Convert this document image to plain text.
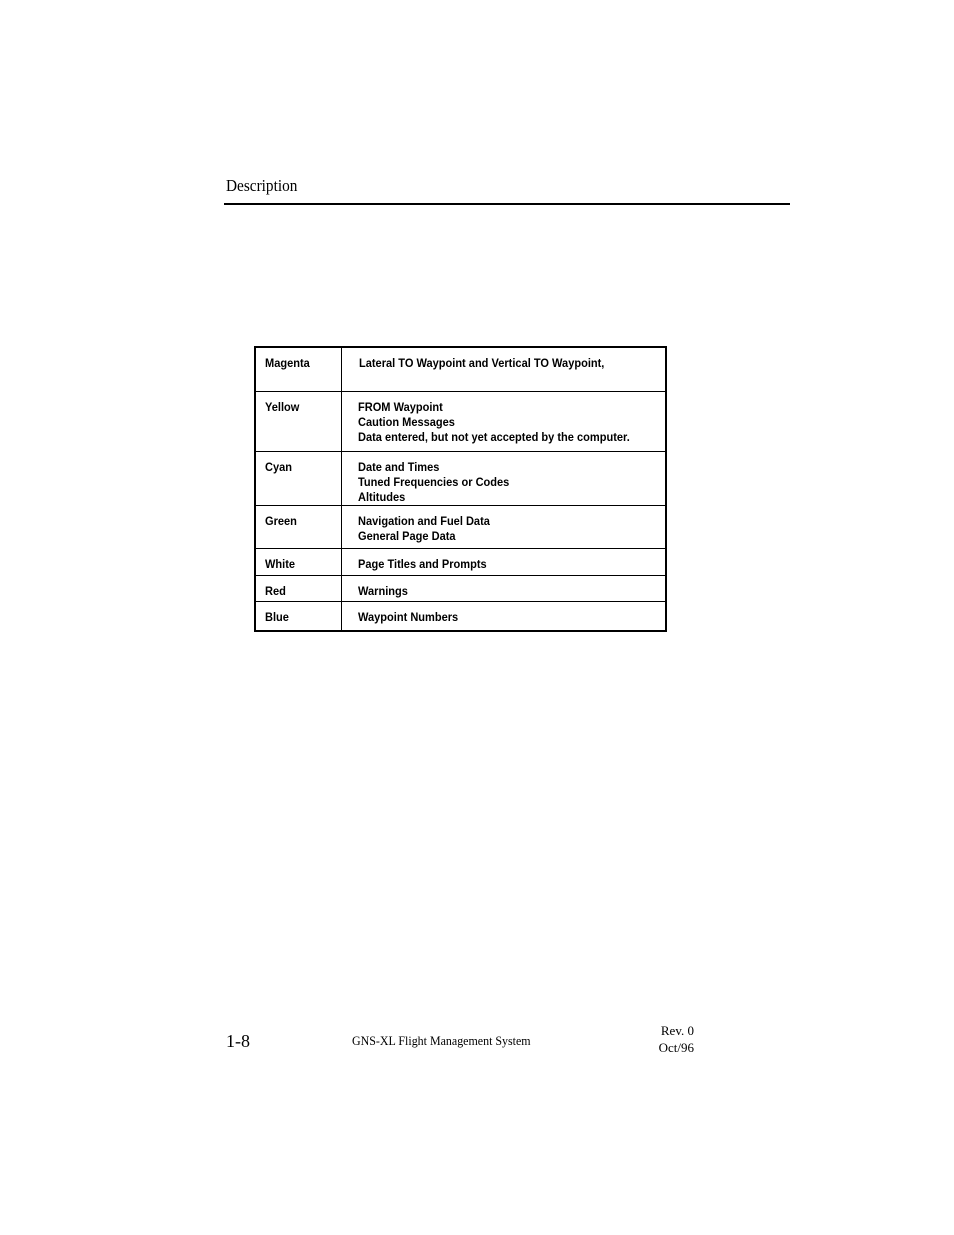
Description
Magenta	Lateral TO Waypoint and Vertical TO Waypoint,

Yellow	FROM Waypoint
Caution Messages
Data entered, but not yet accepted by the computer.

Cyan	Date and Times
Tuned Frequencies or Codes
Altitudes

Green	Navigation and Fuel Data
General Page Data

White	Page Titles and Prompts

Red	Warnings

Blue	Waypoint Numbers
1-8	GNS-XL Flight Management System
Rev. 0
Oct/96
